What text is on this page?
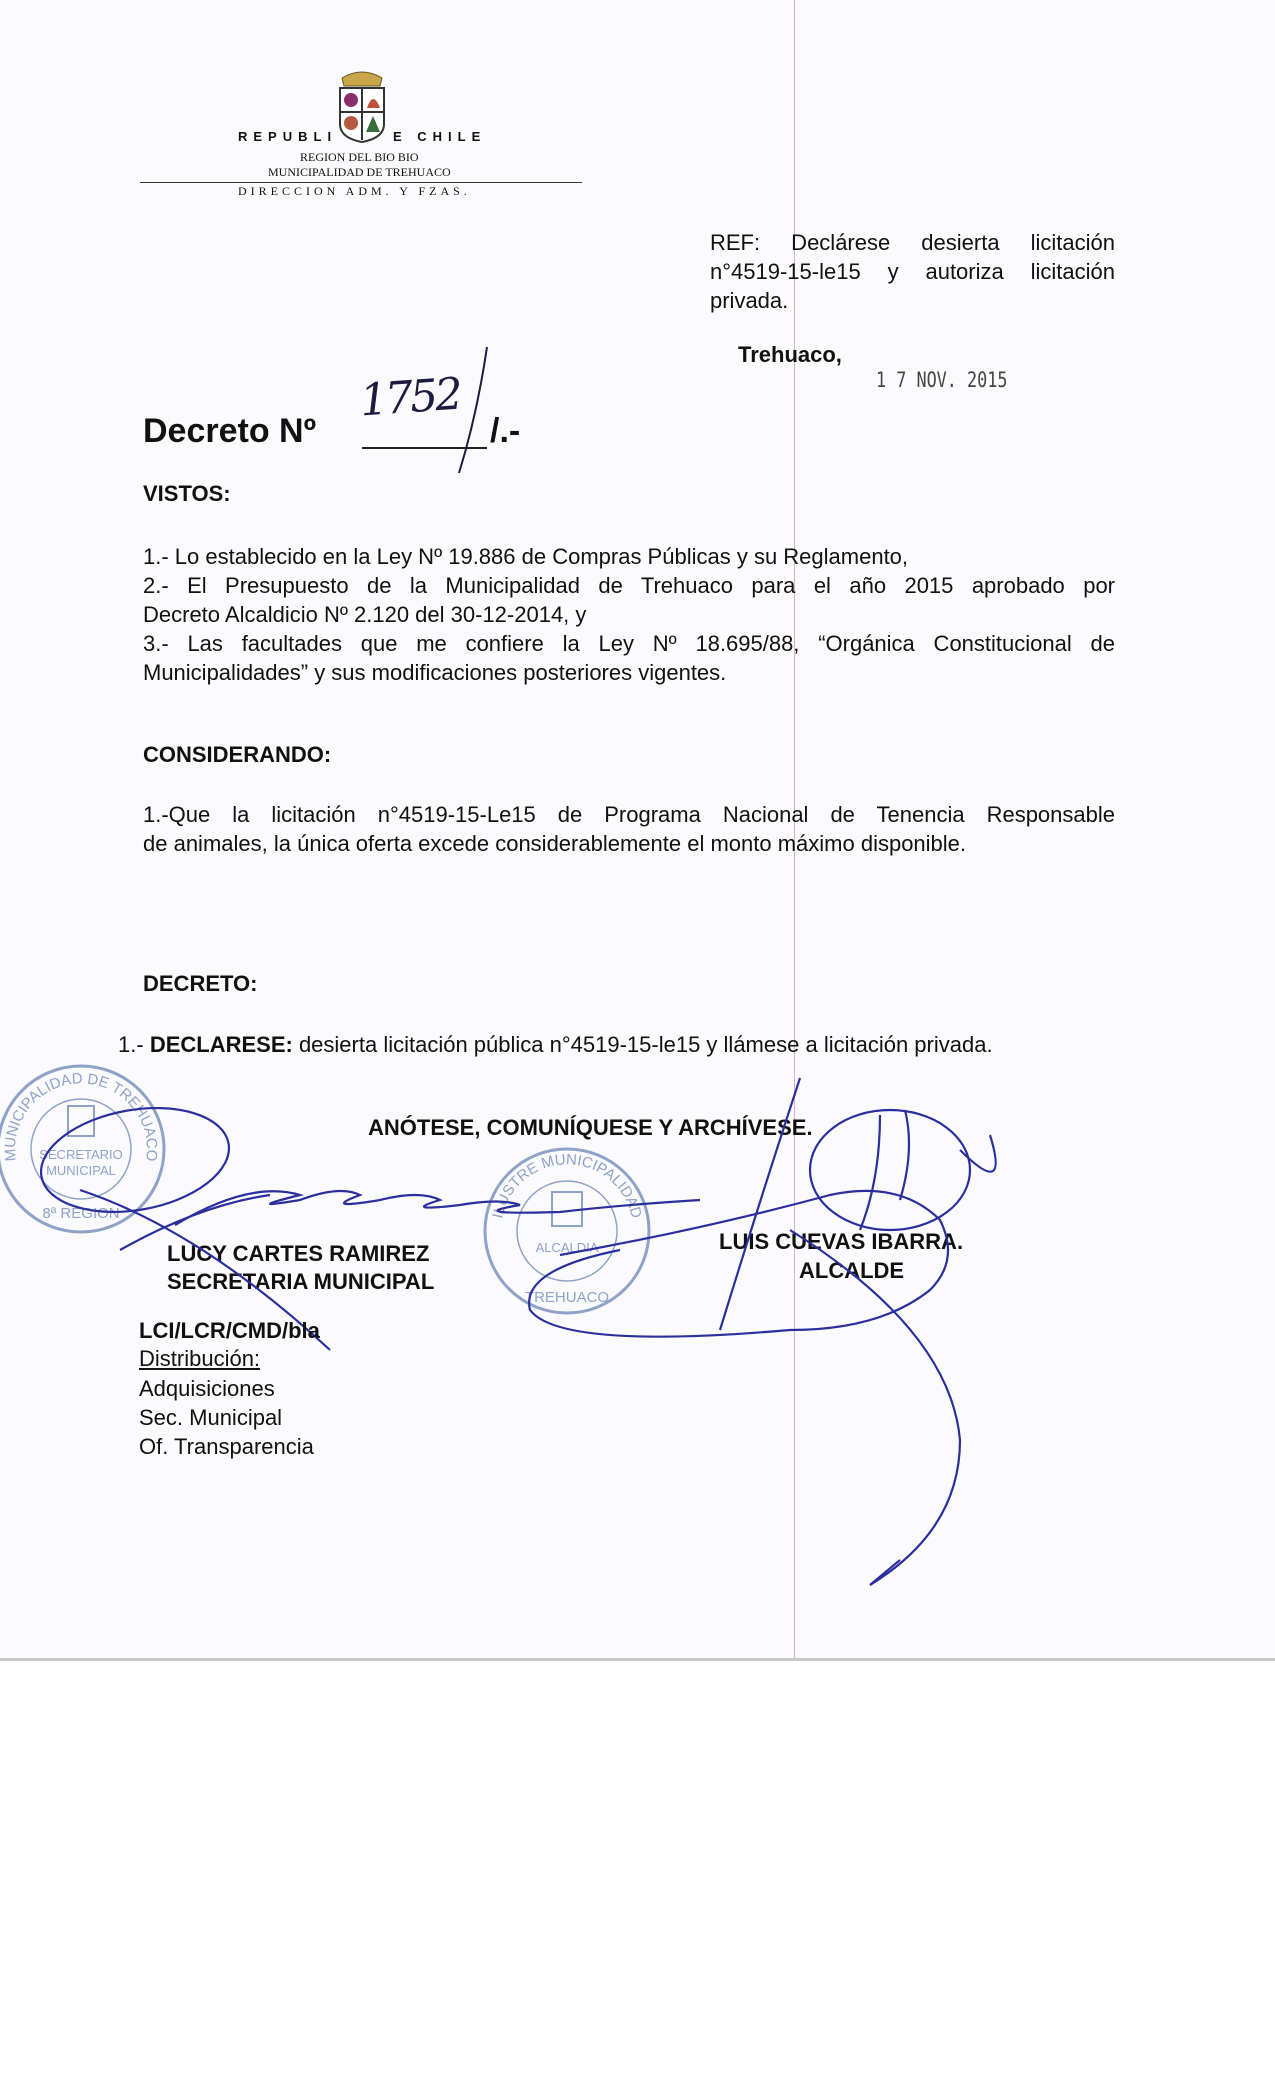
REPUBLI	E CHILE
REGION DEL BIO BIO
MUNICIPALIDAD DE TREHUACO
DIRECCION ADM. Y FZAS.
REF: Declárese desierta licitación
n°4519-15-le15 y autoriza licitación
privada.
Trehuaco,
1 7 NOV. 2015
Decreto Nº
1752
/.-
VISTOS:
1.- Lo establecido en la Ley Nº 19.886 de Compras Públicas y su Reglamento,
2.- El Presupuesto de la Municipalidad de Trehuaco para el año 2015 aprobado por
Decreto Alcaldicio Nº 2.120 del 30-12-2014, y
3.- Las facultades que me confiere la Ley Nº 18.695/88, “Orgánica Constitucional de
Municipalidades” y sus modificaciones posteriores vigentes.
CONSIDERANDO:
1.-Que la licitación n°4519-15-Le15 de Programa Nacional de Tenencia Responsable
de animales, la única oferta excede considerablemente el monto máximo disponible.
DECRETO:
1.- DECLARESE: desierta licitación pública n°4519-15-le15 y llámese a licitación privada.
MUNICIPALIDAD DE TREHUACO
SECRETARIO
MUNICIPAL
8ª REGION	ILUSTRE MUNICIPALIDAD
ALCALDIA
TREHUACO
ANÓTESE, COMUNÍQUESE Y ARCHÍVESE.
LUCY CARTES RAMIREZ
SECRETARIA MUNICIPAL
LUIS CUEVAS IBARRA.
ALCALDE
LCI/LCR/CMD/bla
Distribución:
Adquisiciones
Sec. Municipal
Of. Transparencia
